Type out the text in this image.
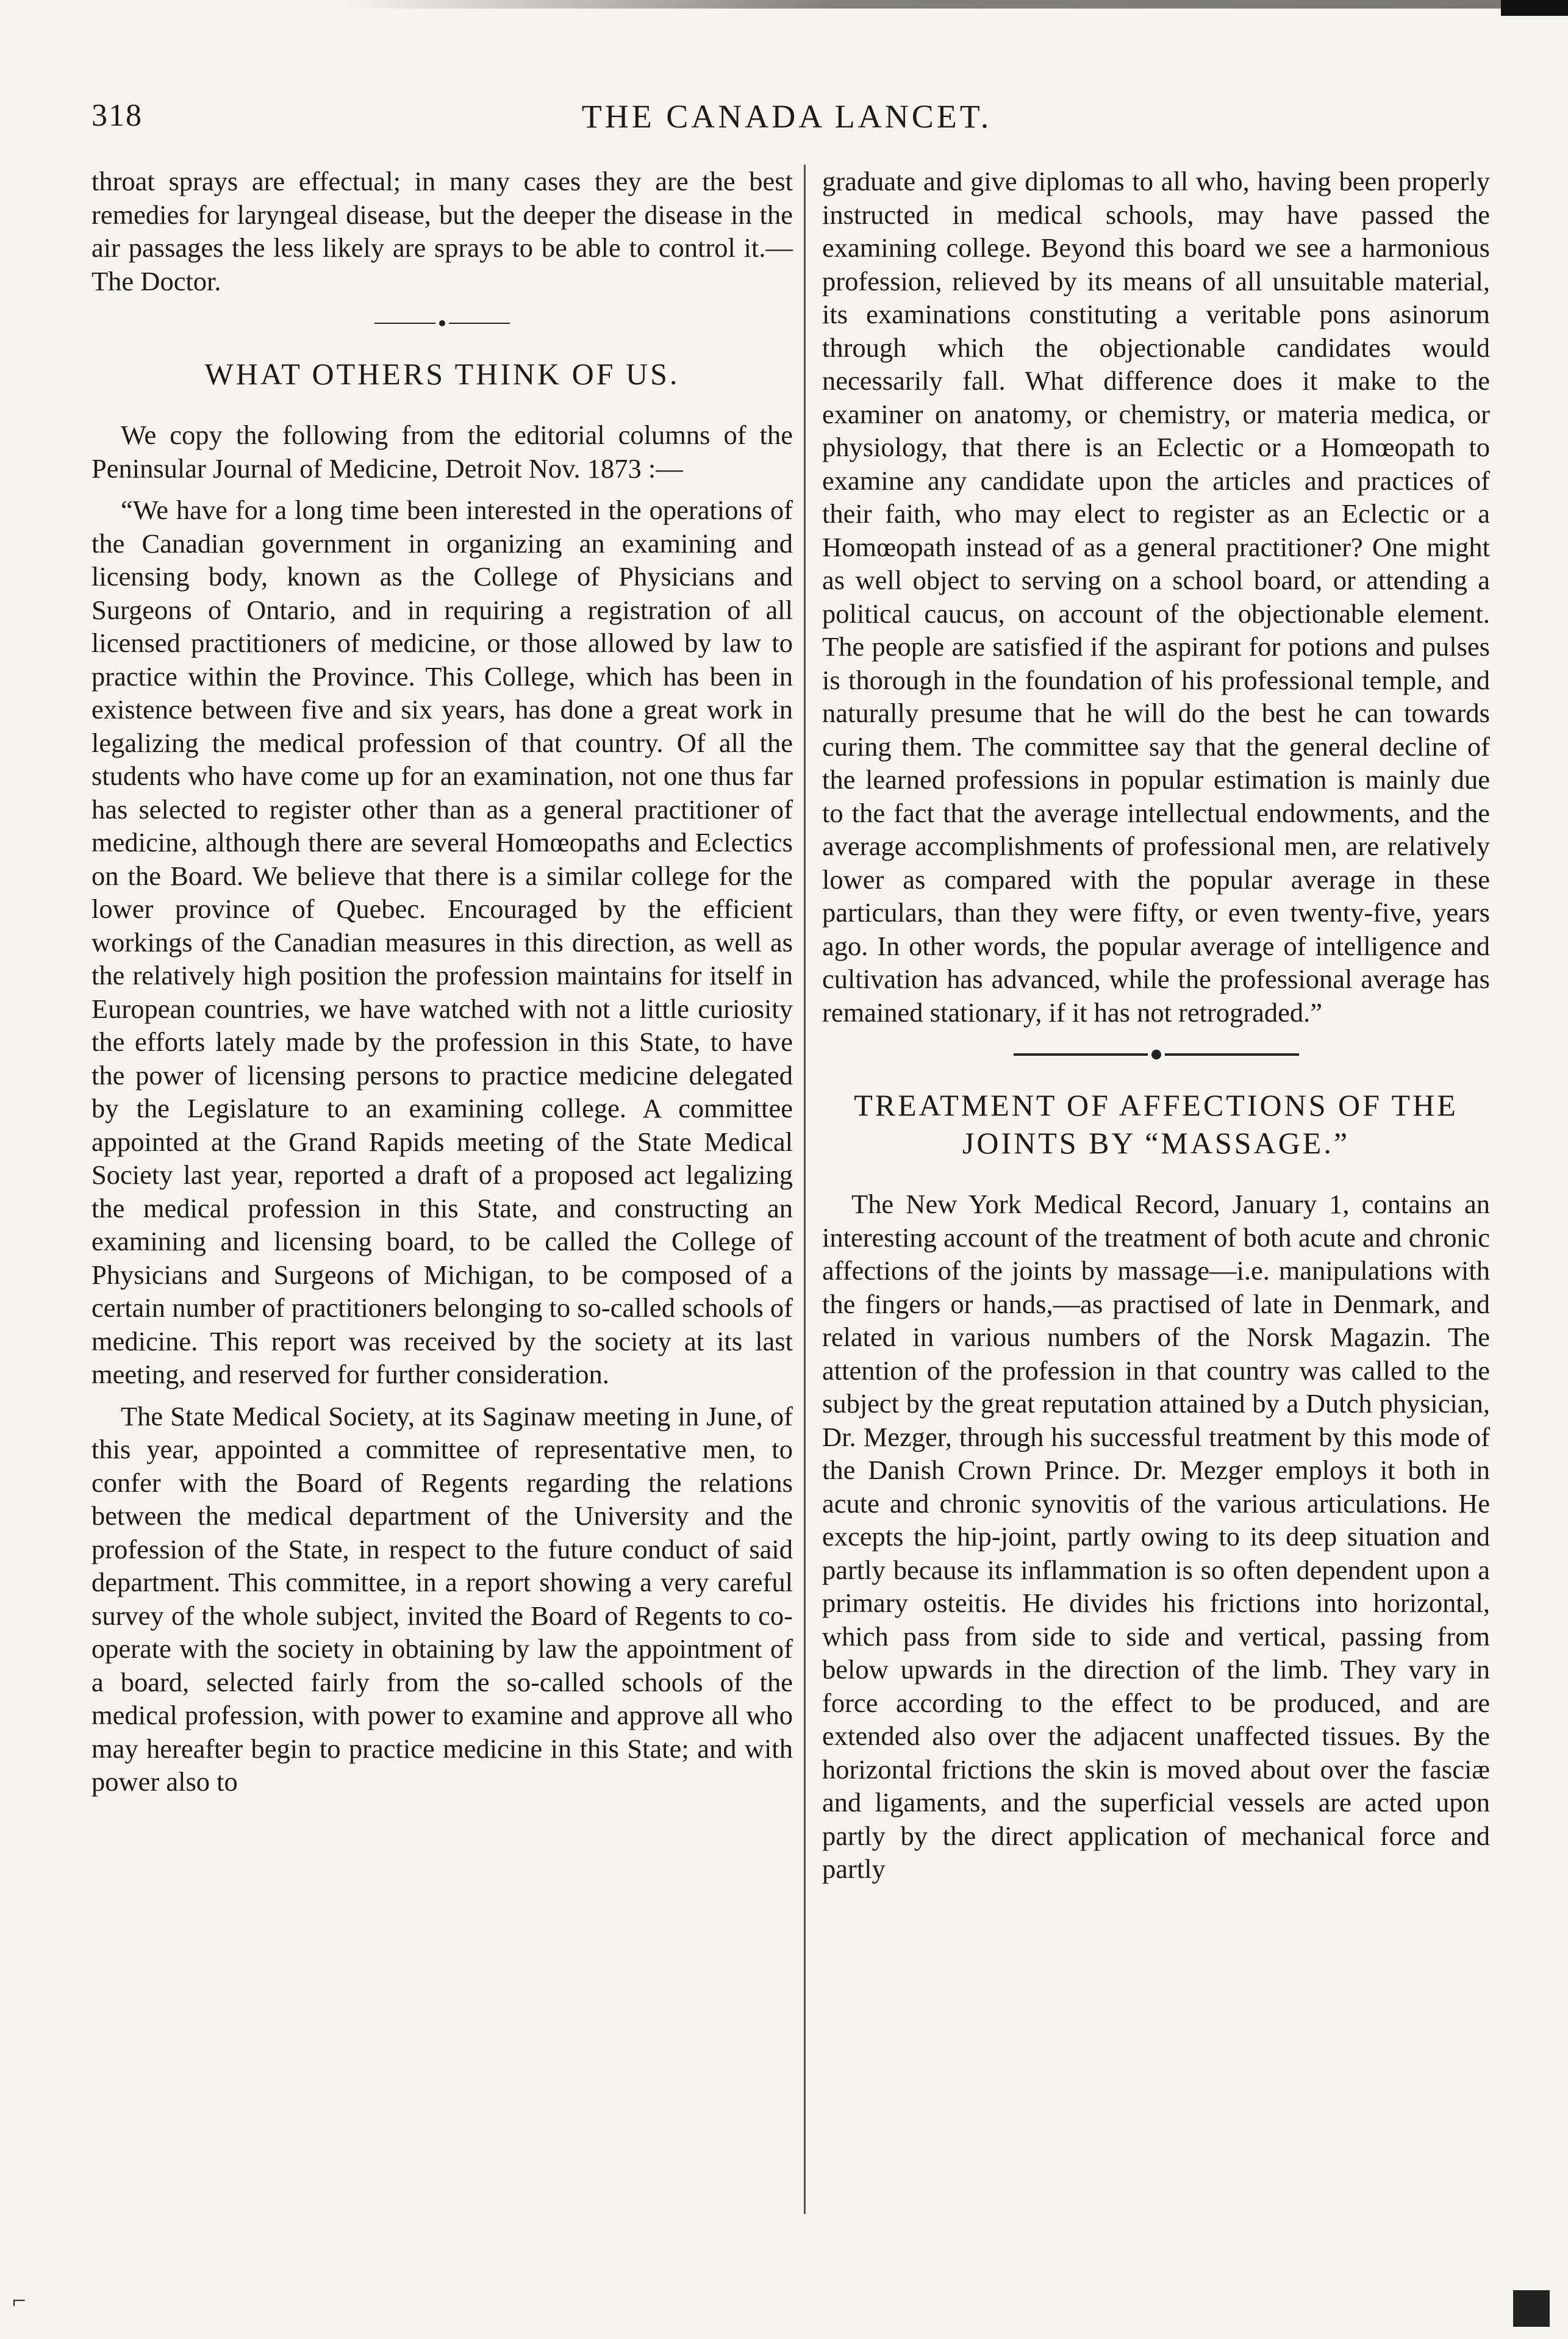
318	THE CANADA LANCET.

throat sprays are effectual; in many cases they are the best remedies for laryngeal disease, but the deeper the disease in the air passages the less likely are sprays to be able to control it.—The Doctor.

WHAT OTHERS THINK OF US.

We copy the following from the editorial columns of the Peninsular Journal of Medicine, Detroit Nov. 1873 :—

“We have for a long time been interested in the operations of the Canadian government in organizing an examining and licensing body, known as the College of Physicians and Surgeons of Ontario, and in requiring a registration of all licensed practitioners of medicine, or those allowed by law to practice within the Province. This College, which has been in existence between five and six years, has done a great work in legalizing the medical profession of that country. Of all the students who have come up for an examination, not one thus far has selected to register other than as a general practitioner of medicine, although there are several Homœopaths and Eclectics on the Board. We believe that there is a similar college for the lower province of Quebec. Encouraged by the efficient workings of the Canadian measures in this direction, as well as the relatively high position the profession maintains for itself in European countries, we have watched with not a little curiosity the efforts lately made by the profession in this State, to have the power of licensing persons to practice medicine delegated by the Legislature to an examining college. A committee appointed at the Grand Rapids meeting of the State Medical Society last year, reported a draft of a proposed act legalizing the medical profession in this State, and constructing an examining and licensing board, to be called the College of Physicians and Surgeons of Michigan, to be composed of a certain number of practitioners belonging to so-called schools of medicine. This report was received by the society at its last meeting, and reserved for further consideration.

The State Medical Society, at its Saginaw meeting in June, of this year, appointed a committee of representative men, to confer with the Board of Regents regarding the relations between the medical department of the University and the profession of the State, in respect to the future conduct of said department. This committee, in a report showing a very careful survey of the whole subject, invited the Board of Regents to co-operate with the society in obtaining by law the appointment of a board, selected fairly from the so-called schools of the medical profession, with power to examine and approve all who may hereafter begin to practice medicine in this State; and with power also to

graduate and give diplomas to all who, having been properly instructed in medical schools, may have passed the examining college. Beyond this board we see a harmonious profession, relieved by its means of all unsuitable material, its examinations constituting a veritable pons asinorum through which the objectionable candidates would necessarily fall. What difference does it make to the examiner on anatomy, or chemistry, or materia medica, or physiology, that there is an Eclectic or a Homœopath to examine any candidate upon the articles and practices of their faith, who may elect to register as an Eclectic or a Homœopath instead of as a general practitioner? One might as well object to serving on a school board, or attending a political caucus, on account of the objectionable element. The people are satisfied if the aspirant for potions and pulses is thorough in the foundation of his professional temple, and naturally presume that he will do the best he can towards curing them. The committee say that the general decline of the learned professions in popular estimation is mainly due to the fact that the average intellectual endowments, and the average accomplishments of professional men, are relatively lower as compared with the popular average in these particulars, than they were fifty, or even twenty-five, years ago. In other words, the popular average of intelligence and cultivation has advanced, while the professional average has remained stationary, if it has not retrograded.”

TREATMENT OF AFFECTIONS OF THE JOINTS BY “MASSAGE.”

The New York Medical Record, January 1, contains an interesting account of the treatment of both acute and chronic affections of the joints by massage—i.e. manipulations with the fingers or hands,—as practised of late in Denmark, and related in various numbers of the Norsk Magazin. The attention of the profession in that country was called to the subject by the great reputation attained by a Dutch physician, Dr. Mezger, through his successful treatment by this mode of the Danish Crown Prince. Dr. Mezger employs it both in acute and chronic synovitis of the various articulations. He excepts the hip-joint, partly owing to its deep situation and partly because its inflammation is so often dependent upon a primary osteitis. He divides his frictions into horizontal, which pass from side to side and vertical, passing from below upwards in the direction of the limb. They vary in force according to the effect to be produced, and are extended also over the adjacent unaffected tissues. By the horizontal frictions the skin is moved about over the fasciæ and ligaments, and the superficial vessels are acted upon partly by the direct application of mechanical force and partly

⌐
